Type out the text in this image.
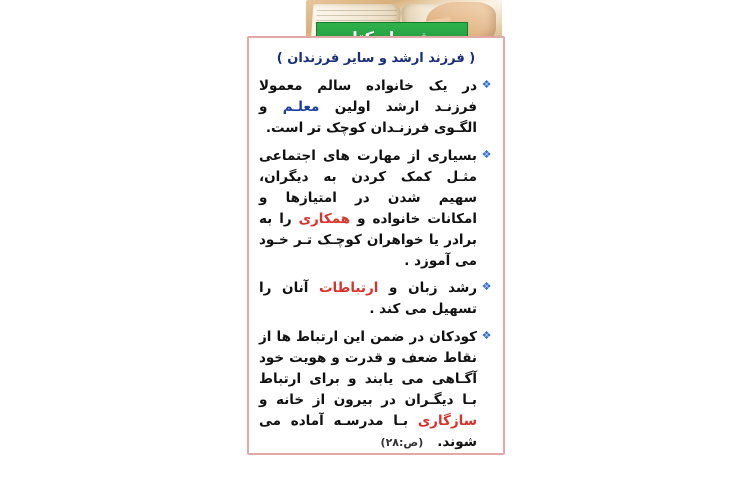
( فرزند ارشد و سایر فرزندان )
❖
در یک خانواده سالم معمولا فرزنـد ارشد اولین معلـم و الگـوی فرزنـدان کوچک تر است.
❖
بسیاری از مهارت های اجتماعی مثـل کمک کردن به دیگران، سهیم شدن در امتیازها و امکانات خانواده و همکاری را به برادر یا خواهران کوچـک تـر خـود می آموزد .
❖
رشد زبان و ارتباطات آنان را تسهیل می کند .
❖
کودکان در ضمن این ارتباط ها از نقاط ضعف و قدرت و هویت خود آگـاهی می یابند و برای ارتباط بـا دیگـران در بیرون از خانه و سازگاری بـا مدرسـه آماده می شوند.(ص:۲۸)
